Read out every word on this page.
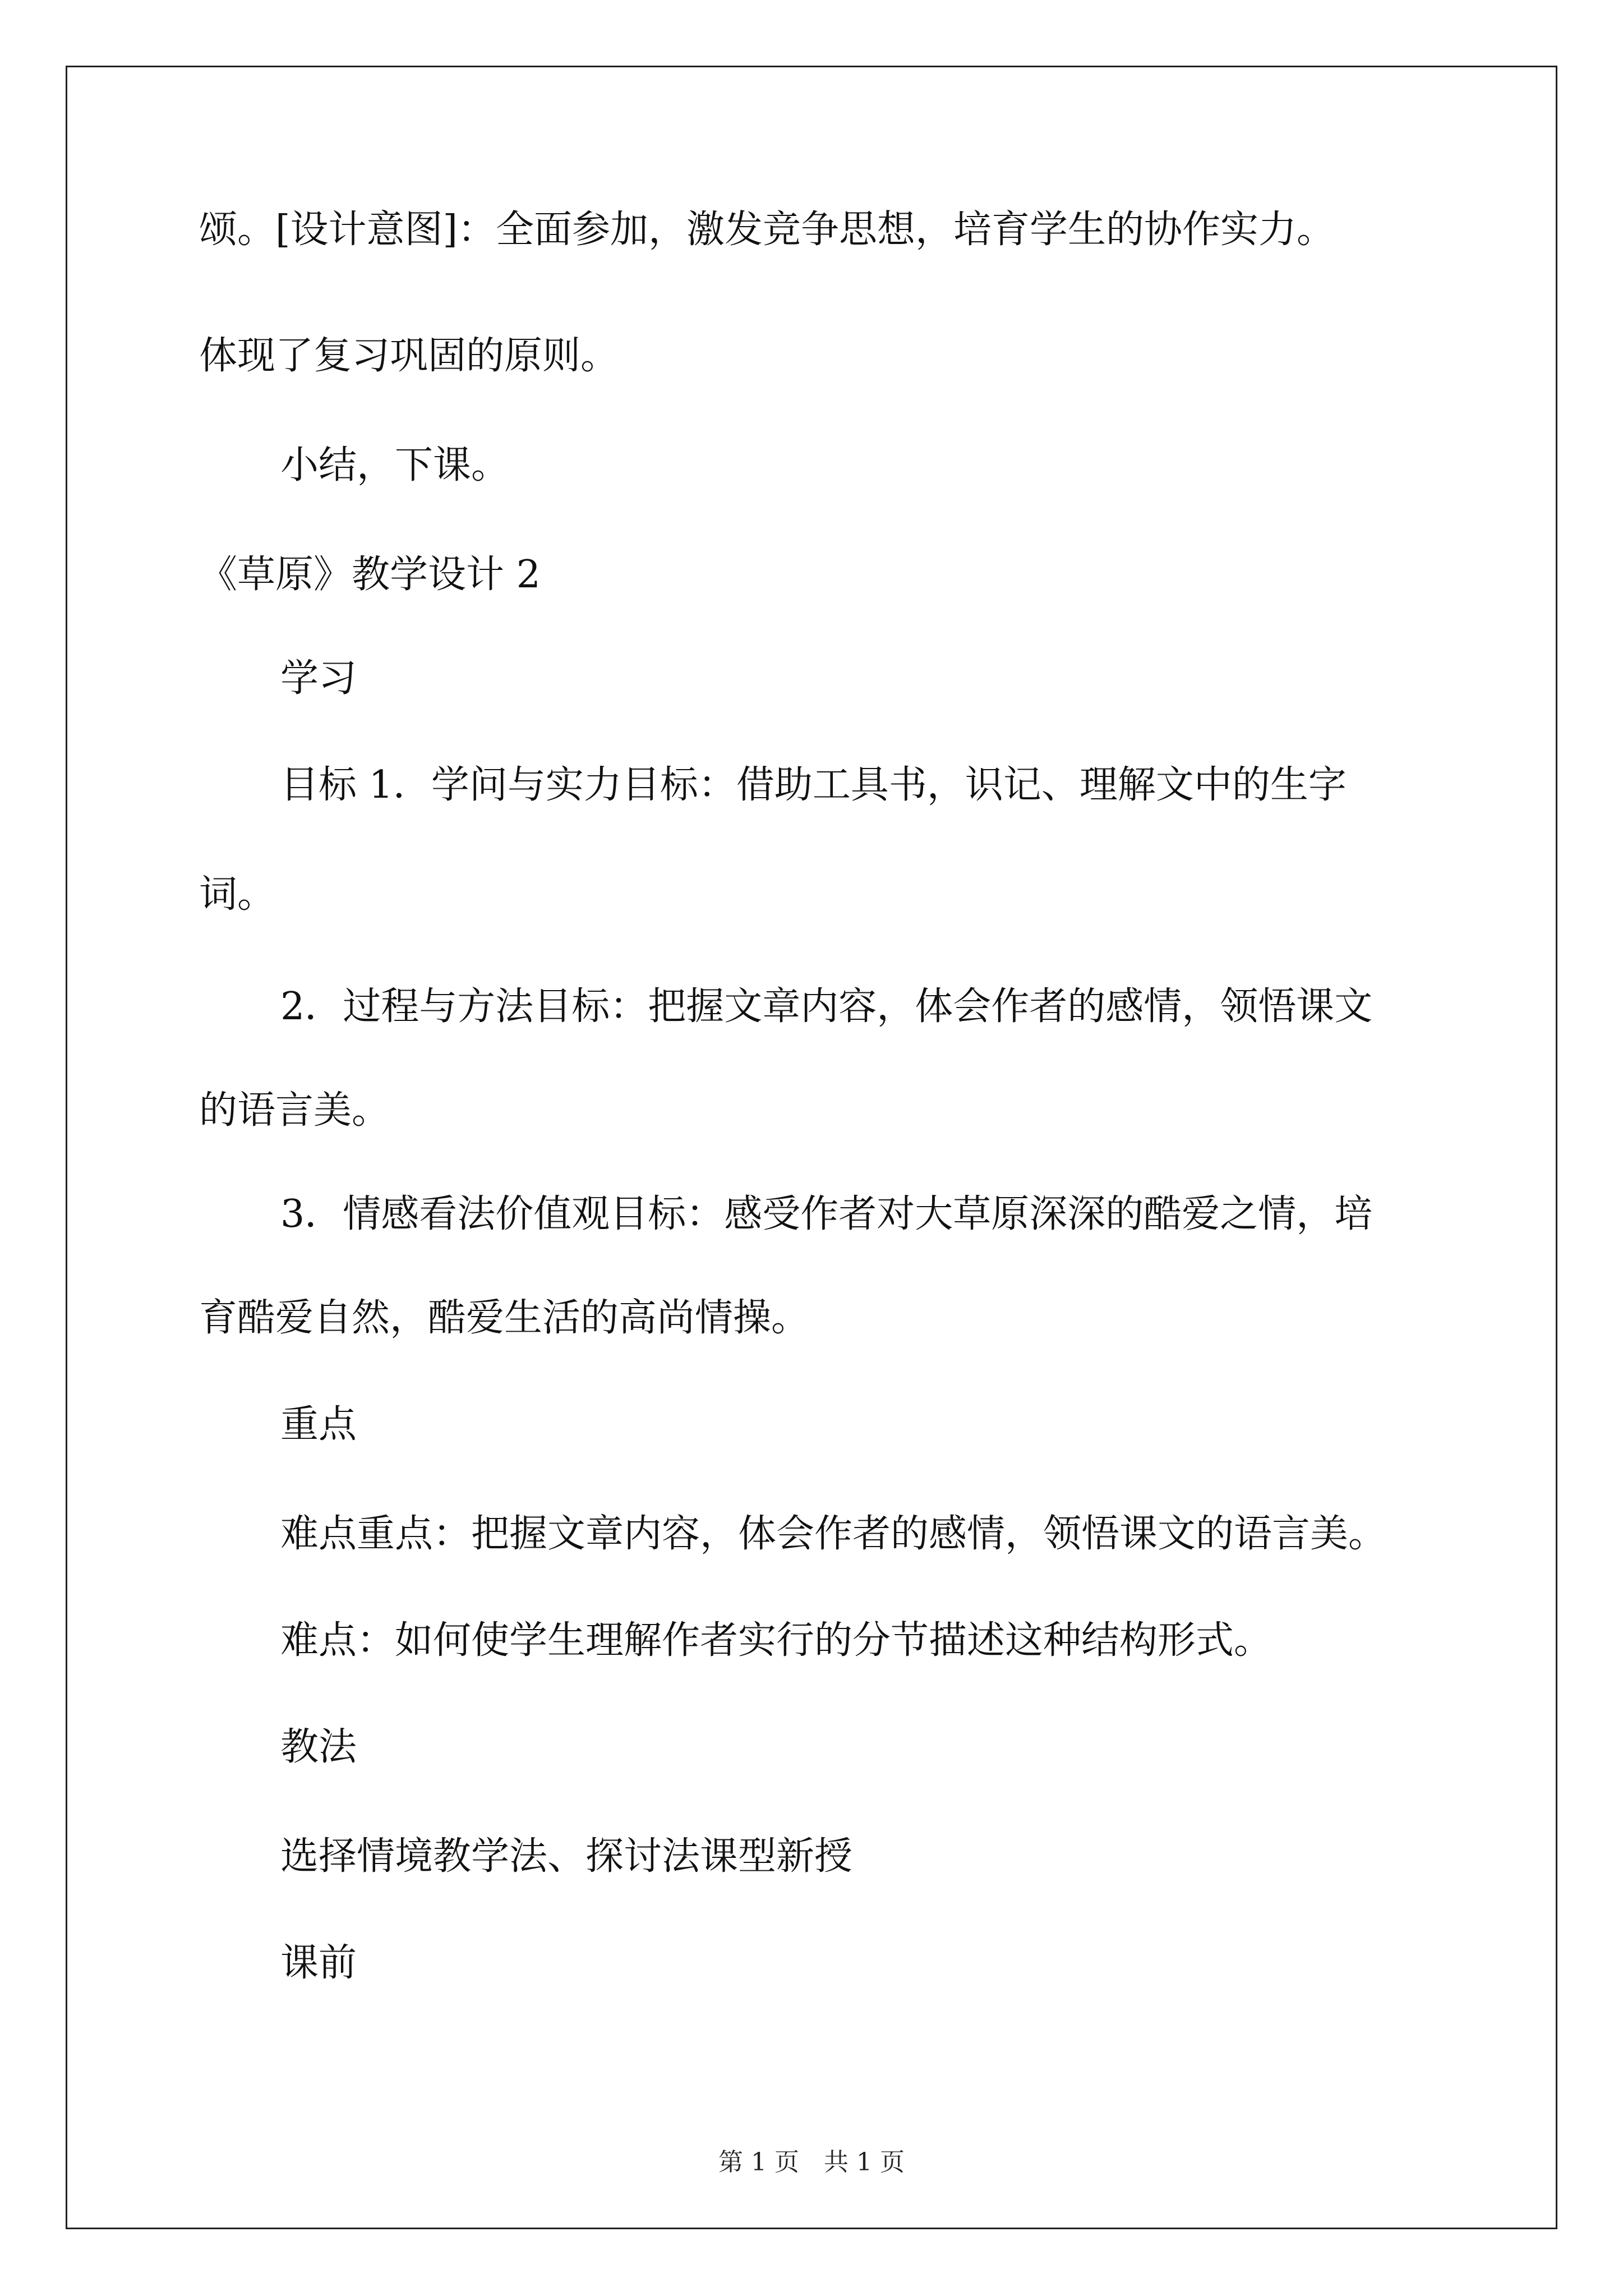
颂。[设计意图]：全面参加，激发竞争思想，培育学生的协作实力。
体现了复习巩固的原则。
小结，下课。
《草原》教学设计 2
学习
目标 1．学问与实力目标：借助工具书，识记、理解文中的生字
词。
2．过程与方法目标：把握文章内容，体会作者的感情，领悟课文
的语言美。
3．情感看法价值观目标：感受作者对大草原深深的酷爱之情，培
育酷爱自然，酷爱生活的高尚情操。
重点
难点重点：把握文章内容，体会作者的感情，领悟课文的语言美。
难点：如何使学生理解作者实行的分节描述这种结构形式。
教法
选择情境教学法、探讨法课型新授
课前
第 1 页　共 1 页
